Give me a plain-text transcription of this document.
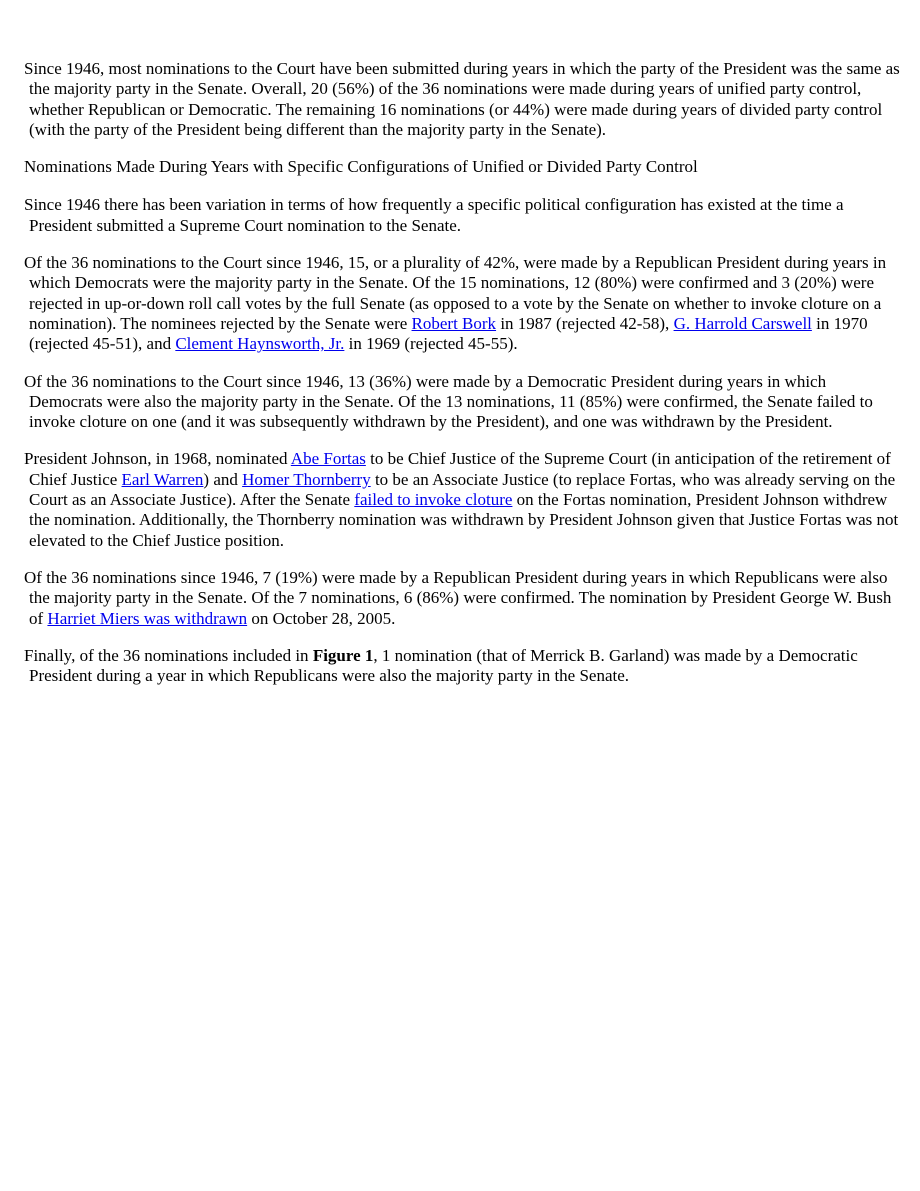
Since 1946, most nominations to the Court have been submitted during years in which the party of the President was the same as the majority party in the Senate. Overall, 20 (56%) of the 36 nominations were made during years of unified party control, whether Republican or Democratic. The remaining 16 nominations (or 44%) were made during years of divided party control (with the party of the President being different than the majority party in the Senate).

Nominations Made During Years with Specific Configurations of Unified or Divided Party Control

Since 1946 there has been variation in terms of how frequently a specific political configuration has existed at the time a President submitted a Supreme Court nomination to the Senate.

Of the 36 nominations to the Court since 1946, 15, or a plurality of 42%, were made by a Republican President during years in which Democrats were the majority party in the Senate. Of the 15 nominations, 12 (80%) were confirmed and 3 (20%) were rejected in up-or-down roll call votes by the full Senate (as opposed to a vote by the Senate on whether to invoke cloture on a nomination). The nominees rejected by the Senate were Robert Bork in 1987 (rejected 42-58), G. Harrold Carswell in 1970 (rejected 45-51), and Clement Haynsworth, Jr. in 1969 (rejected 45-55).

Of the 36 nominations to the Court since 1946, 13 (36%) were made by a Democratic President during years in which Democrats were also the majority party in the Senate. Of the 13 nominations, 11 (85%) were confirmed, the Senate failed to invoke cloture on one (and it was subsequently withdrawn by the President), and one was withdrawn by the President.

President Johnson, in 1968, nominated Abe Fortas to be Chief Justice of the Supreme Court (in anticipation of the retirement of Chief Justice Earl Warren) and Homer Thornberry to be an Associate Justice (to replace Fortas, who was already serving on the Court as an Associate Justice). After the Senate failed to invoke cloture on the Fortas nomination, President Johnson withdrew the nomination. Additionally, the Thornberry nomination was withdrawn by President Johnson given that Justice Fortas was not elevated to the Chief Justice position.

Of the 36 nominations since 1946, 7 (19%) were made by a Republican President during years in which Republicans were also the majority party in the Senate. Of the 7 nominations, 6 (86%) were confirmed. The nomination by President George W. Bush of Harriet Miers was withdrawn on October 28, 2005.

Finally, of the 36 nominations included in Figure 1, 1 nomination (that of Merrick B. Garland) was made by a Democratic President during a year in which Republicans were also the majority party in the Senate.
